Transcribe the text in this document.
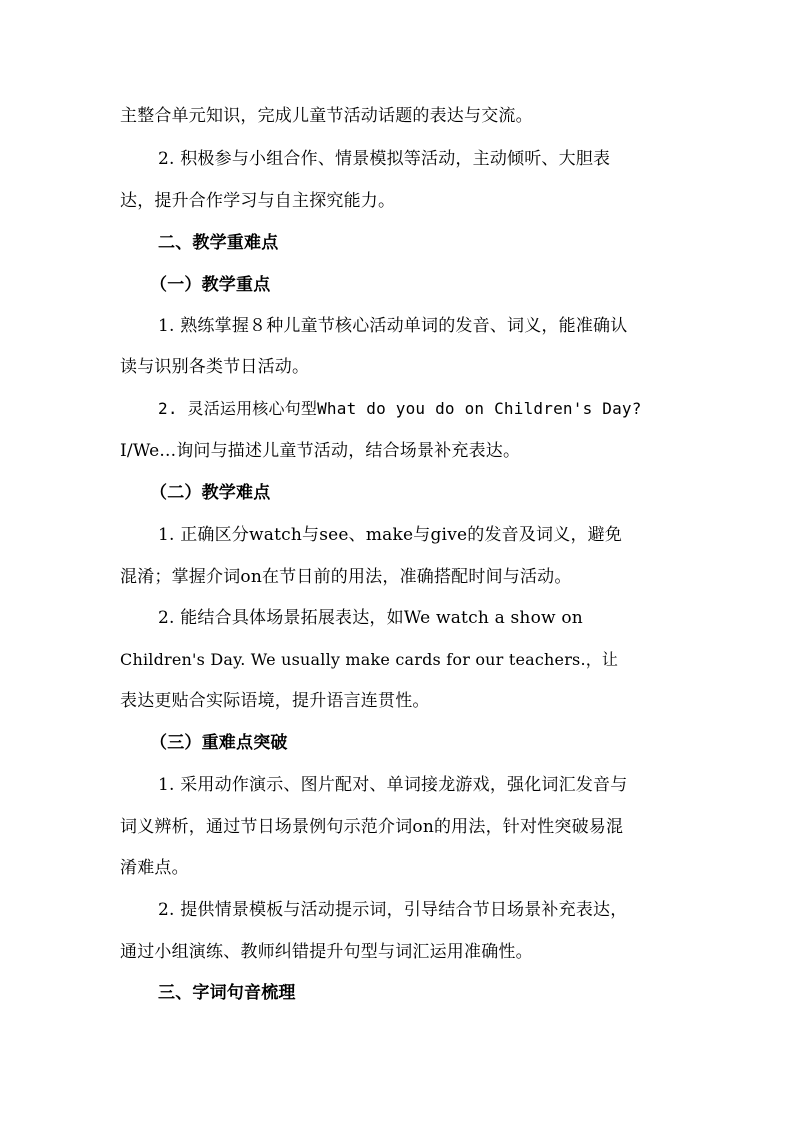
主整合单元知识，完成儿童节活动话题的表达与交流。
2. 积极参与小组合作、情景模拟等活动，主动倾听、大胆表
达，提升合作学习与自主探究能力。
二、教学重难点
（一）教学重点
1. 熟练掌握８种儿童节核心活动单词的发音、词义，能准确认
读与识别各类节日活动。
2. 灵活运用核心句型What do you do on Children's Day?
I/We...询问与描述儿童节活动，结合场景补充表达。
（二）教学难点
1. 正确区分watch与see、make与give的发音及词义，避免
混淆；掌握介词on在节日前的用法，准确搭配时间与活动。
2. 能结合具体场景拓展表达，如We watch a show on
Children's Day. We usually make cards for our teachers.，让
表达更贴合实际语境，提升语言连贯性。
（三）重难点突破
1. 采用动作演示、图片配对、单词接龙游戏，强化词汇发音与
词义辨析，通过节日场景例句示范介词on的用法，针对性突破易混
淆难点。
2. 提供情景模板与活动提示词，引导结合节日场景补充表达，
通过小组演练、教师纠错提升句型与词汇运用准确性。
三、字词句音梳理
